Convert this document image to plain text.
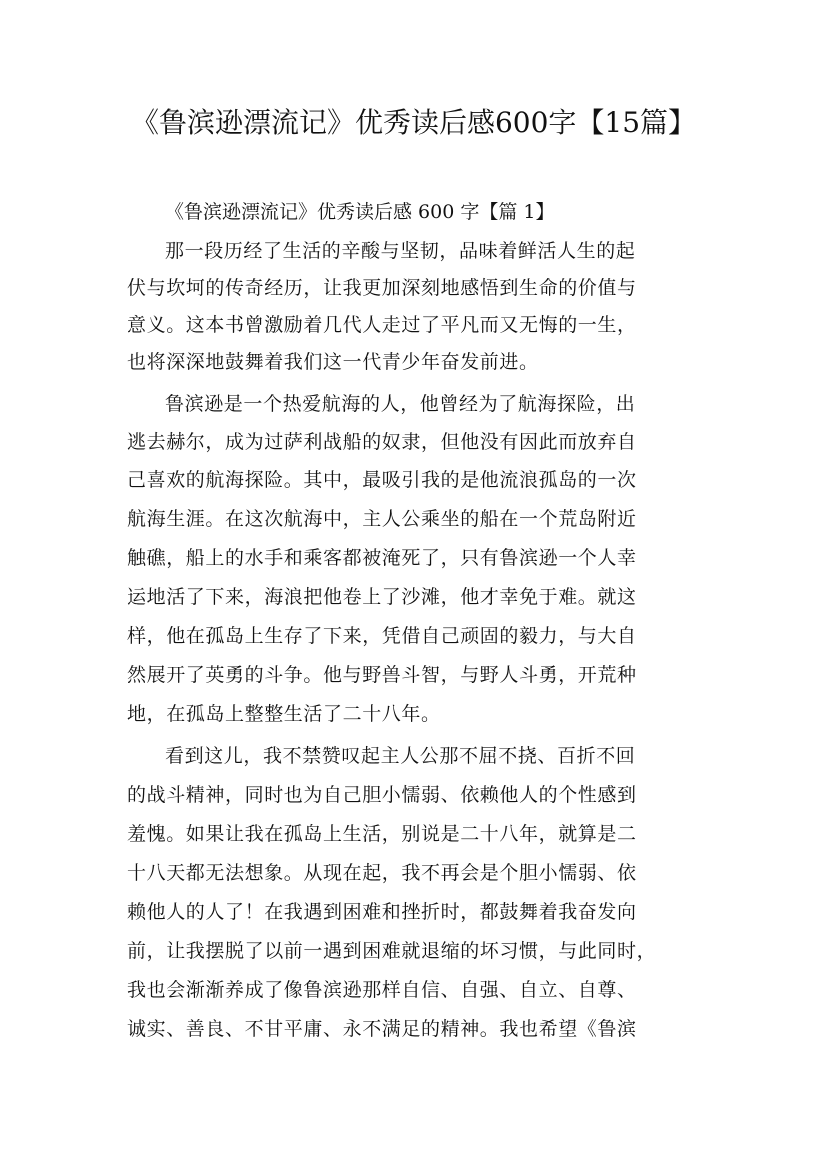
《鲁滨逊漂流记》优秀读后感600字【15篇】
《鲁滨逊漂流记》优秀读后感 600 字【篇 1】
那一段历经了生活的辛酸与坚韧，品味着鲜活人生的起
伏与坎坷的传奇经历，让我更加深刻地感悟到生命的价值与
意义。这本书曾激励着几代人走过了平凡而又无悔的一生，
也将深深地鼓舞着我们这一代青少年奋发前进。
鲁滨逊是一个热爱航海的人，他曾经为了航海探险，出
逃去赫尔，成为过萨利战船的奴隶，但他没有因此而放弃自
己喜欢的航海探险。其中，最吸引我的是他流浪孤岛的一次
航海生涯。在这次航海中，主人公乘坐的船在一个荒岛附近
触礁，船上的水手和乘客都被淹死了，只有鲁滨逊一个人幸
运地活了下来，海浪把他卷上了沙滩，他才幸免于难。就这
样，他在孤岛上生存了下来，凭借自己顽固的毅力，与大自
然展开了英勇的斗争。他与野兽斗智，与野人斗勇，开荒种
地，在孤岛上整整生活了二十八年。
看到这儿，我不禁赞叹起主人公那不屈不挠、百折不回
的战斗精神，同时也为自己胆小懦弱、依赖他人的个性感到
羞愧。如果让我在孤岛上生活，别说是二十八年，就算是二
十八天都无法想象。从现在起，我不再会是个胆小懦弱、依
赖他人的人了！在我遇到困难和挫折时，都鼓舞着我奋发向
前，让我摆脱了以前一遇到困难就退缩的坏习惯，与此同时，
我也会渐渐养成了像鲁滨逊那样自信、自强、自立、自尊、
诚实、善良、不甘平庸、永不满足的精神。我也希望《鲁滨
